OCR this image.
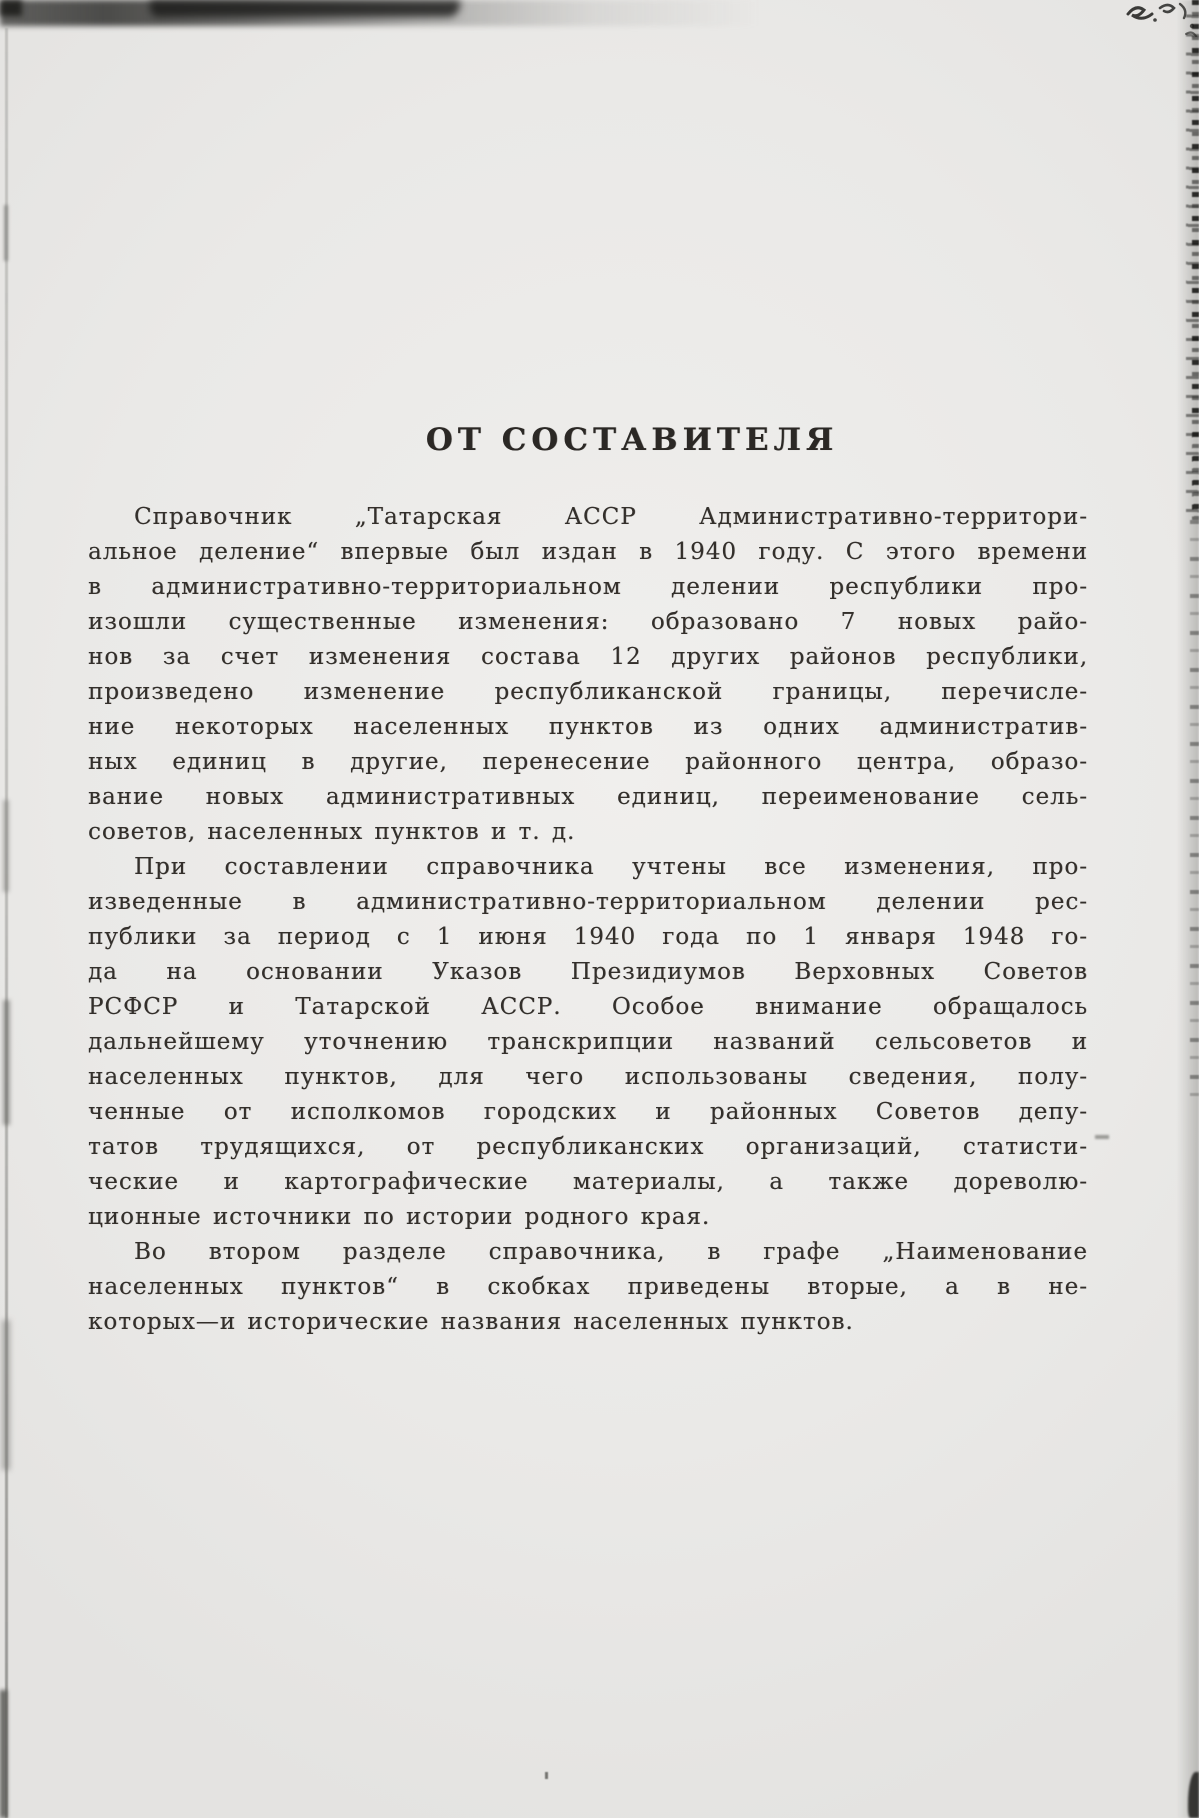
ОТ СОСТАВИТЕЛЯ
Справочник „Татарская АССР Административно-территори-
альное деление“ впервые был издан в 1940 году. С этого времени
в административно-территориальном делении республики про-
изошли существенные изменения: образовано 7 новых райо-
нов за счет изменения состава 12 других районов республики,
произведено изменение республиканской границы, перечисле-
ние некоторых населенных пунктов из одних административ-
ных единиц в другие, перенесение районного центра, образо-
вание новых административных единиц, переименование сель-
советов, населенных пунктов и т. д.
При составлении справочника учтены все изменения, про-
изведенные в административно-территориальном делении рес-
публики за период с 1 июня 1940 года по 1 января 1948 го-
да на основании Указов Президиумов Верховных Советов
РСФСР и Татарской АССР. Особое внимание обращалось
дальнейшему уточнению транскрипции названий сельсоветов и
населенных пунктов, для чего использованы сведения, полу-
ченные от исполкомов городских и районных Советов депу-
татов трудящихся, от республиканских организаций, статисти-
ческие и картографические материалы, а также дореволю-
ционные источники по истории родного края.
Во втором разделе справочника, в графе „Наименование
населенных пунктов“ в скобках приведены вторые, а в не-
которых—и исторические названия населенных пунктов.
